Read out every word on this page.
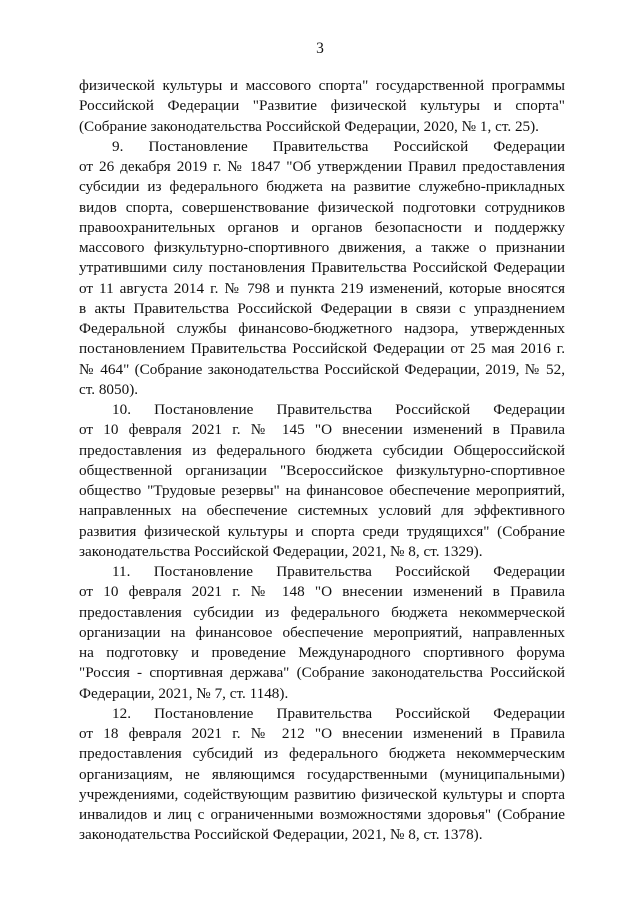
3
физической культуры и массового спорта" государственной программы
Российской Федерации "Развитие физической культуры и спорта"
(Собрание законодательства Российской Федерации, 2020, № 1, ст. 25).
9. Постановление Правительства Российской Федерации
от 26 декабря 2019 г. № 1847 "Об утверждении Правил предоставления
субсидии из федерального бюджета на развитие служебно-прикладных
видов спорта, совершенствование физической подготовки сотрудников
правоохранительных органов и органов безопасности и поддержку
массового физкультурно-спортивного движения, а также о признании
утратившими силу постановления Правительства Российской Федерации
от 11 августа 2014 г. № 798 и пункта 219 изменений, которые вносятся
в акты Правительства Российской Федерации в связи с упразднением
Федеральной службы финансово-бюджетного надзора, утвержденных
постановлением Правительства Российской Федерации от 25 мая 2016 г.
№ 464" (Собрание законодательства Российской Федерации, 2019, № 52,
ст. 8050).
10. Постановление Правительства Российской Федерации
от 10 февраля 2021 г. № 145 "О внесении изменений в Правила
предоставления из федерального бюджета субсидии Общероссийской
общественной организации "Всероссийское физкультурно-спортивное
общество "Трудовые резервы" на финансовое обеспечение мероприятий,
направленных на обеспечение системных условий для эффективного
развития физической культуры и спорта среди трудящихся" (Собрание
законодательства Российской Федерации, 2021, № 8, ст. 1329).
11. Постановление Правительства Российской Федерации
от 10 февраля 2021 г. № 148 "О внесении изменений в Правила
предоставления субсидии из федерального бюджета некоммерческой
организации на финансовое обеспечение мероприятий, направленных
на подготовку и проведение Международного спортивного форума
"Россия - спортивная держава" (Собрание законодательства Российской
Федерации, 2021, № 7, ст. 1148).
12. Постановление Правительства Российской Федерации
от 18 февраля 2021 г. № 212 "О внесении изменений в Правила
предоставления субсидий из федерального бюджета некоммерческим
организациям, не являющимся государственными (муниципальными)
учреждениями, содействующим развитию физической культуры и спорта
инвалидов и лиц с ограниченными возможностями здоровья" (Собрание
законодательства Российской Федерации, 2021, № 8, ст. 1378).
